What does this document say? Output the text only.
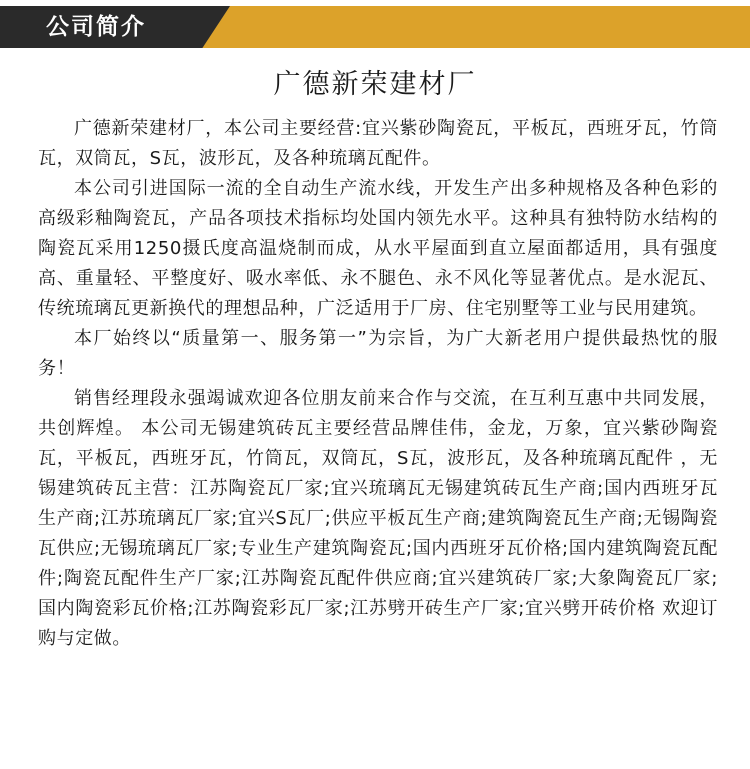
公司简介
广德新荣建材厂

广德新荣建材厂，本公司主要经营:宜兴紫砂陶瓷瓦，平板瓦，西班牙瓦，竹筒瓦，双筒瓦，S瓦，波形瓦，及各种琉璃瓦配件。

本公司引进国际一流的全自动生产流水线，开发生产出多种规格及各种色彩的高级彩釉陶瓷瓦，产品各项技术指标均处国内领先水平。这种具有独特防水结构的陶瓷瓦采用1250摄氏度高温烧制而成，从水平屋面到直立屋面都适用，具有强度高、重量轻、平整度好、吸水率低、永不腿色、永不风化等显著优点。是水泥瓦、传统琉璃瓦更新换代的理想品种，广泛适用于厂房、住宅别墅等工业与民用建筑。

本厂始终以“质量第一、服务第一”为宗旨，为广大新老用户提供最热忱的服务！

销售经理段永强竭诚欢迎各位朋友前来合作与交流，在互利互惠中共同发展，共创辉煌。 本公司无锡建筑砖瓦主要经营品牌佳伟，金龙，万象，宜兴紫砂陶瓷瓦，平板瓦，西班牙瓦，竹筒瓦，双筒瓦，S瓦，波形瓦，及各种琉璃瓦配件 ，无锡建筑砖瓦主营：江苏陶瓷瓦厂家;宜兴琉璃瓦无锡建筑砖瓦生产商;国内西班牙瓦生产商;江苏琉璃瓦厂家;宜兴S瓦厂;供应平板瓦生产商;建筑陶瓷瓦生产商;无锡陶瓷瓦供应;无锡琉璃瓦厂家;专业生产建筑陶瓷瓦;国内西班牙瓦价格;国内建筑陶瓷瓦配件;陶瓷瓦配件生产厂家;江苏陶瓷瓦配件供应商;宜兴建筑砖厂家;大象陶瓷瓦厂家;国内陶瓷彩瓦价格;江苏陶瓷彩瓦厂家;江苏劈开砖生产厂家;宜兴劈开砖价格 欢迎订购与定做。
